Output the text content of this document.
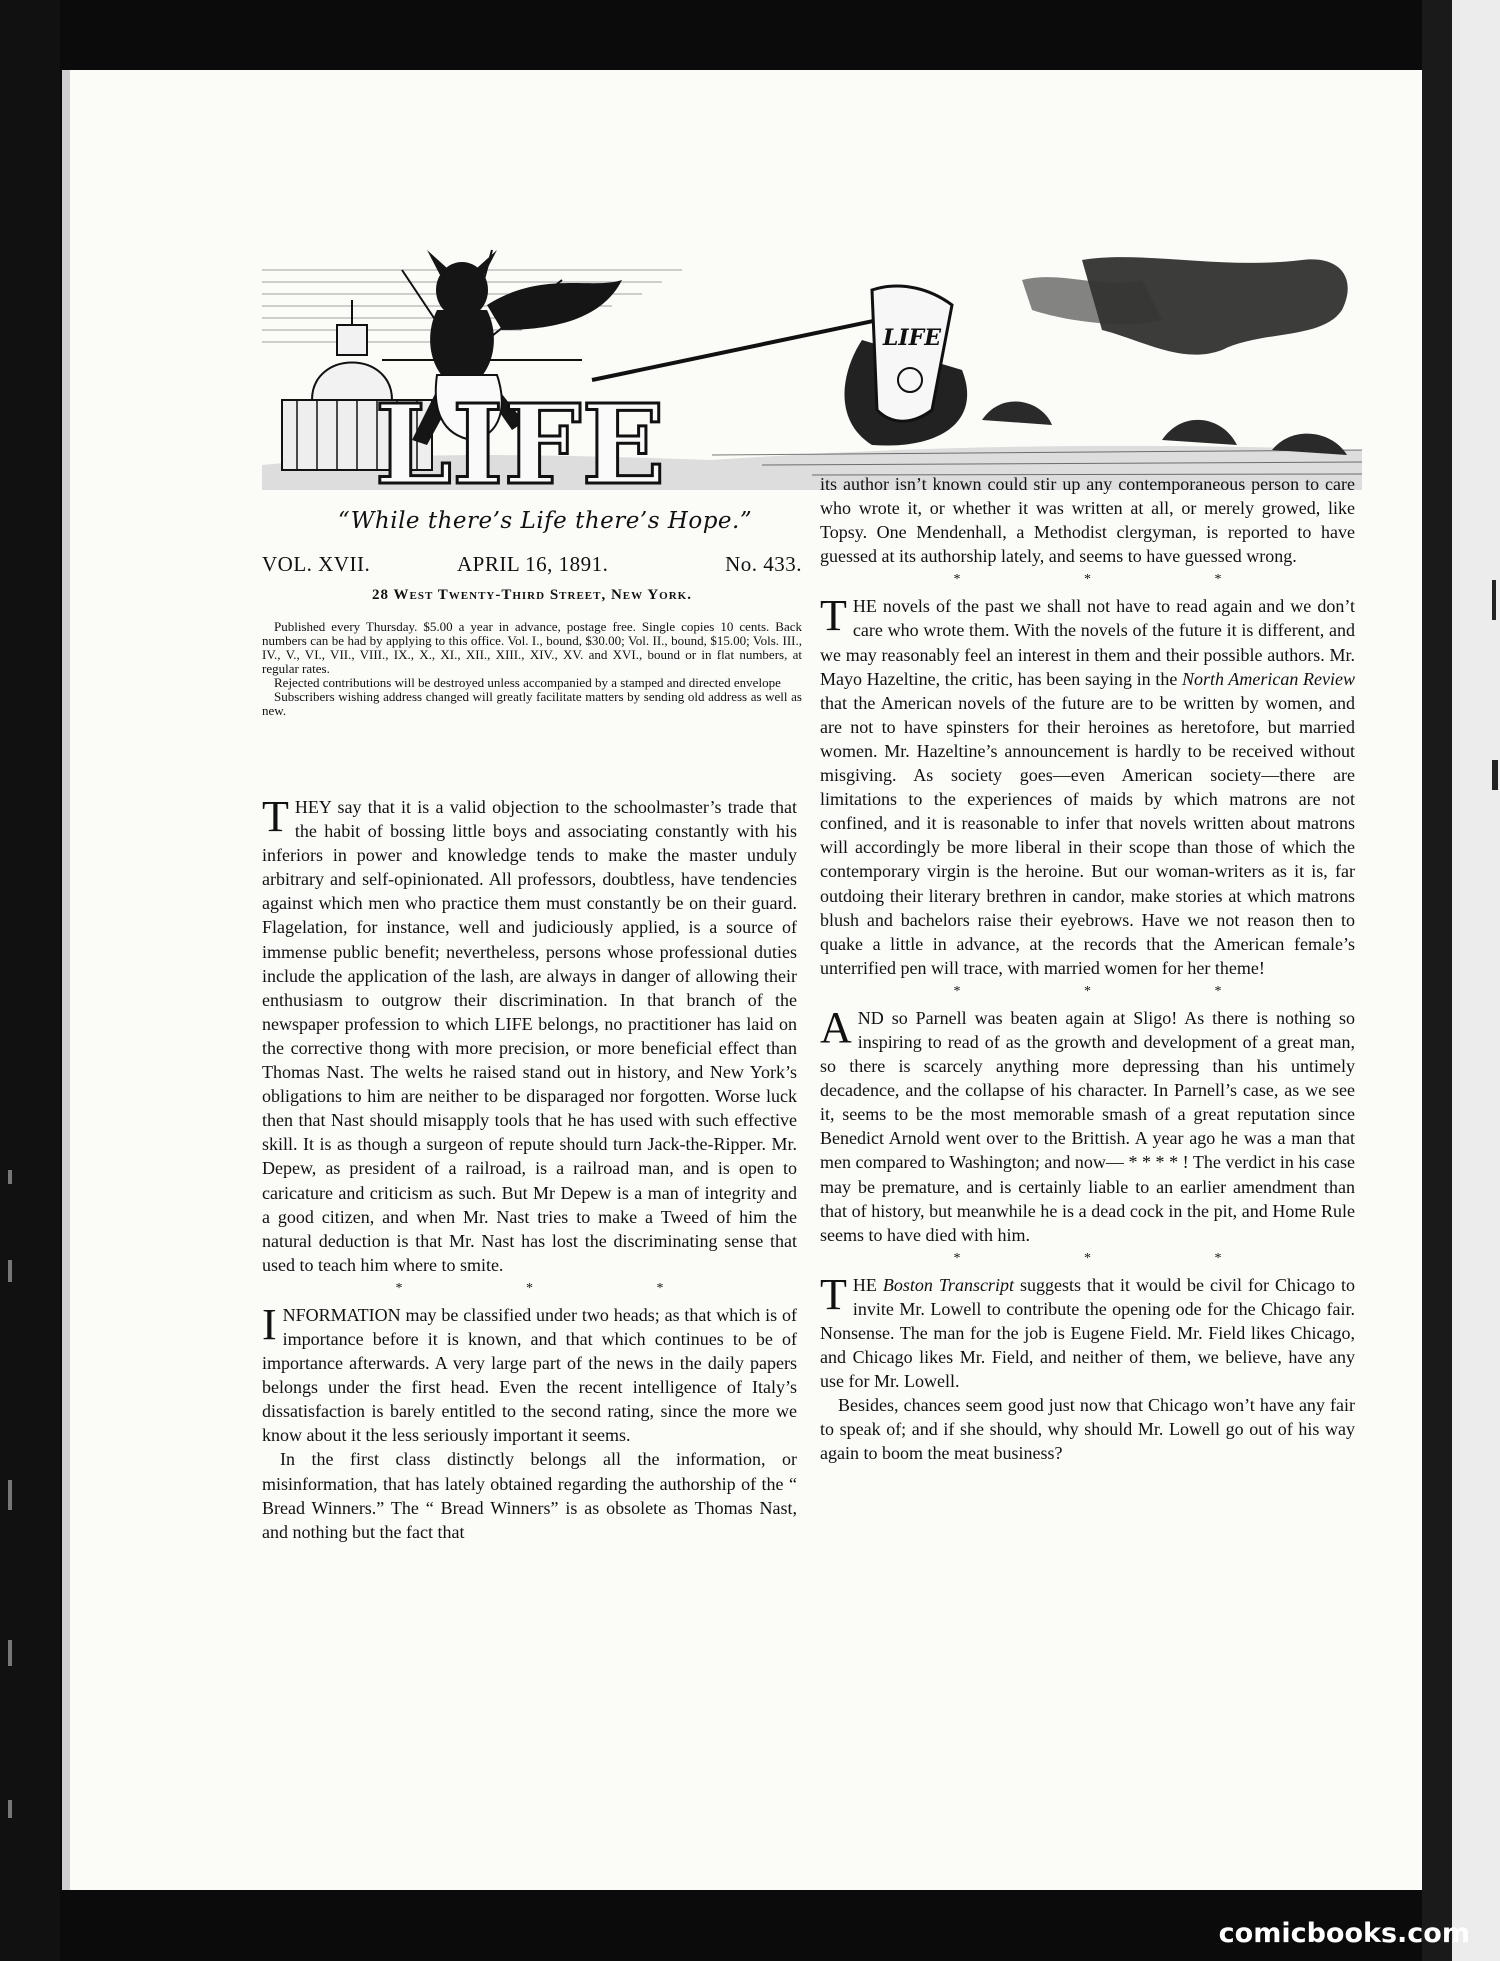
LIFE
LIFE
“While there’s Life there’s Hope.”
VOL. XVII.	APRIL 16, 1891.	No. 433.
28 West Twenty-Third Street, New York.

Published every Thursday. $5.00 a year in advance, postage free. Single copies 10 cents. Back numbers can be had by applying to this office. Vol. I., bound, $30.00; Vol. II., bound, $15.00; Vols. III., IV., V., VI., VII., VIII., IX., X., XI., XII., XIII., XIV., XV. and XVI., bound or in flat numbers, at regular rates.

Rejected contributions will be destroyed unless accompanied by a stamped and directed envelope

Subscribers wishing address changed will greatly facilitate matters by sending old address as well as new.

THEY say that it is a valid objection to the schoolmaster’s trade that the habit of bossing little boys and associating constantly with his inferiors in power and knowledge tends to make the master unduly arbitrary and self-opinionated. All professors, doubtless, have tendencies against which men who practice them must constantly be on their guard. Flagelation, for instance, well and judiciously applied, is a source of immense public benefit; nevertheless, persons whose professional duties include the application of the lash, are always in danger of allowing their enthusiasm to outgrow their discrimination. In that branch of the newspaper profession to which LIFE belongs, no practitioner has laid on the corrective thong with more precision, or more beneficial effect than Thomas Nast. The welts he raised stand out in history, and New York’s obligations to him are neither to be disparaged nor forgotten. Worse luck then that Nast should misapply tools that he has used with such effective skill. It is as though a surgeon of repute should turn Jack-the-Ripper. Mr. Depew, as president of a railroad, is a railroad man, and is open to caricature and criticism as such. But Mr Depew is a man of integrity and a good citizen, and when Mr. Nast tries to make a Tweed of him the natural deduction is that Mr. Nast has lost the discriminating sense that used to teach him where to smite.

* * *

INFORMATION may be classified under two heads; as that which is of importance before it is known, and that which continues to be of importance afterwards. A very large part of the news in the daily papers belongs under the first head. Even the recent intelligence of Italy’s dissatisfaction is barely entitled to the second rating, since the more we know about it the less seriously important it seems.

In the first class distinctly belongs all the information, or misinformation, that has lately obtained regarding the authorship of the “ Bread Winners.” The “ Bread Winners” is as obsolete as Thomas Nast, and nothing but the fact that

its author isn’t known could stir up any contemporaneous person to care who wrote it, or whether it was written at all, or merely growed, like Topsy. One Mendenhall, a Methodist clergyman, is reported to have guessed at its authorship lately, and seems to have guessed wrong.

* * *

THE novels of the past we shall not have to read again and we don’t care who wrote them. With the novels of the future it is different, and we may reasonably feel an interest in them and their possible authors. Mr. Mayo Hazeltine, the critic, has been saying in the North American Review that the American novels of the future are to be written by women, and are not to have spinsters for their heroines as heretofore, but married women. Mr. Hazeltine’s announcement is hardly to be received without misgiving. As society goes—even American society—there are limitations to the experiences of maids by which matrons are not confined, and it is reasonable to infer that novels written about matrons will accordingly be more liberal in their scope than those of which the contemporary virgin is the heroine. But our woman-writers as it is, far outdoing their literary brethren in candor, make stories at which matrons blush and bachelors raise their eyebrows. Have we not reason then to quake a little in advance, at the records that the American female’s unterrified pen will trace, with married women for her theme!

* * *

AND so Parnell was beaten again at Sligo! As there is nothing so inspiring to read of as the growth and development of a great man, so there is scarcely anything more depressing than his untimely decadence, and the collapse of his character. In Parnell’s case, as we see it, seems to be the most memorable smash of a great reputation since Benedict Arnold went over to the Brittish. A year ago he was a man that men compared to Washington; and now— * * * * ! The verdict in his case may be premature, and is certainly liable to an earlier amendment than that of history, but meanwhile he is a dead cock in the pit, and Home Rule seems to have died with him.

* * *

THE Boston Transcript suggests that it would be civil for Chicago to invite Mr. Lowell to contribute the opening ode for the Chicago fair. Nonsense. The man for the job is Eugene Field. Mr. Field likes Chicago, and Chicago likes Mr. Field, and neither of them, we believe, have any use for Mr. Lowell.

Besides, chances seem good just now that Chicago won’t have any fair to speak of; and if she should, why should Mr. Lowell go out of his way again to boom the meat business?

comicbooks.com
